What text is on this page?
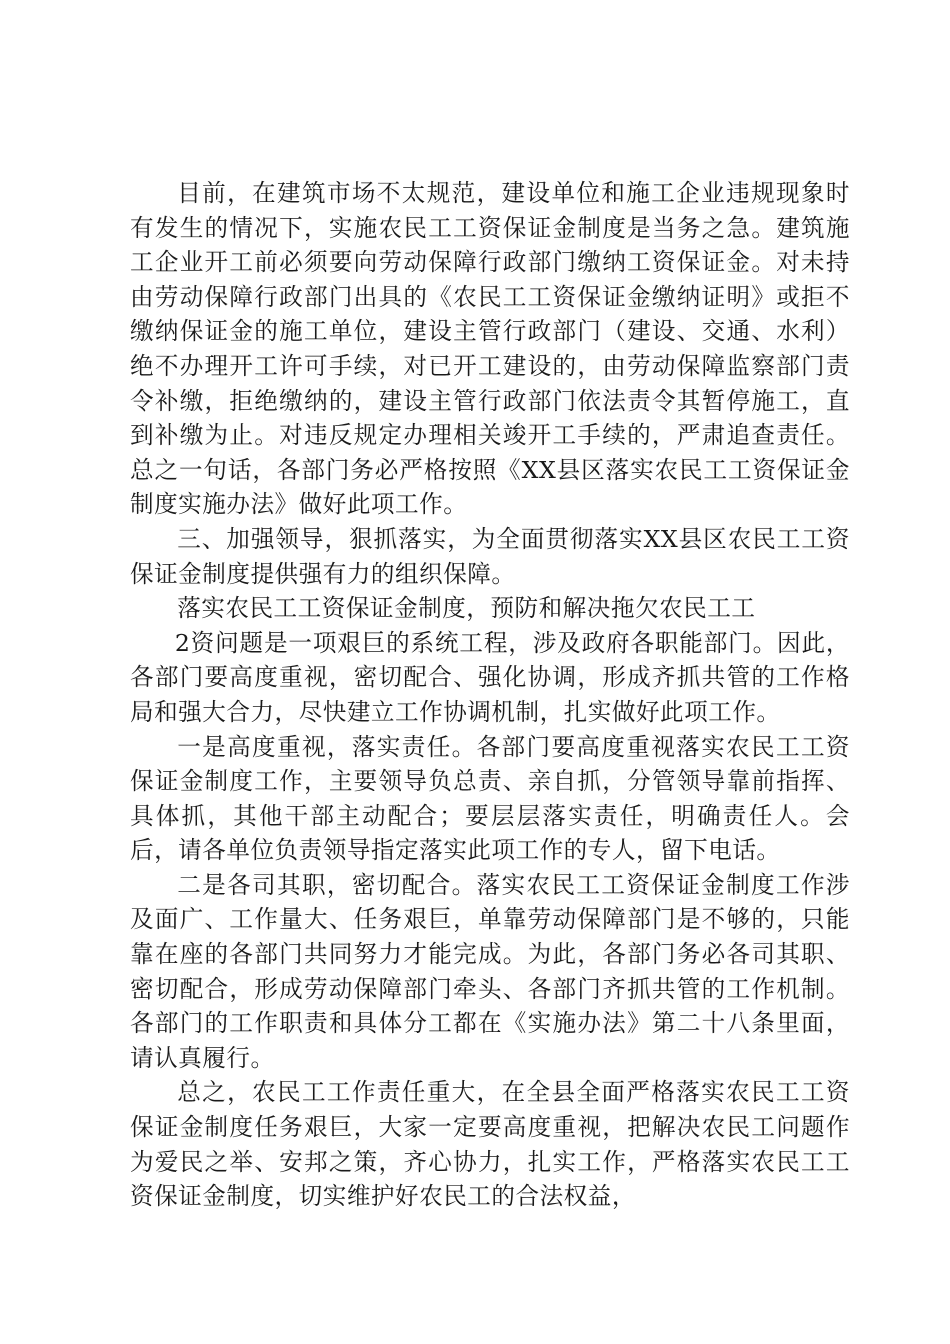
目前，在建筑市场不太规范，建设单位和施工企业违规现象时有发生的情况下，实施农民工工资保证金制度是当务之急。建筑施工企业开工前必须要向劳动保障行政部门缴纳工资保证金。对未持由劳动保障行政部门出具的《农民工工资保证金缴纳证明》或拒不缴纳保证金的施工单位，建设主管行政部门（建设、交通、水利）绝不办理开工许可手续，对已开工建设的，由劳动保障监察部门责令补缴，拒绝缴纳的，建设主管行政部门依法责令其暂停施工，直到补缴为止。对违反规定办理相关竣开工手续的，严肃追查责任。总之一句话，各部门务必严格按照《XX县区落实农民工工资保证金制度实施办法》做好此项工作。

三、加强领导，狠抓落实，为全面贯彻落实XX县区农民工工资保证金制度提供强有力的组织保障。

落实农民工工资保证金制度，预防和解决拖欠农民工工

2资问题是一项艰巨的系统工程，涉及政府各职能部门。因此，各部门要高度重视，密切配合、强化协调，形成齐抓共管的工作格局和强大合力，尽快建立工作协调机制，扎实做好此项工作。

一是高度重视，落实责任。各部门要高度重视落实农民工工资保证金制度工作，主要领导负总责、亲自抓，分管领导靠前指挥、具体抓，其他干部主动配合；要层层落实责任，明确责任人。会后，请各单位负责领导指定落实此项工作的专人，留下电话。

二是各司其职，密切配合。落实农民工工资保证金制度工作涉及面广、工作量大、任务艰巨，单靠劳动保障部门是不够的，只能靠在座的各部门共同努力才能完成。为此，各部门务必各司其职、密切配合，形成劳动保障部门牵头、各部门齐抓共管的工作机制。各部门的工作职责和具体分工都在《实施办法》第二十八条里面，请认真履行。

总之，农民工工作责任重大，在全县全面严格落实农民工工资保证金制度任务艰巨，大家一定要高度重视，把解决农民工问题作为爱民之举、安邦之策，齐心协力，扎实工作，严格落实农民工工资保证金制度，切实维护好农民工的合法权益，
